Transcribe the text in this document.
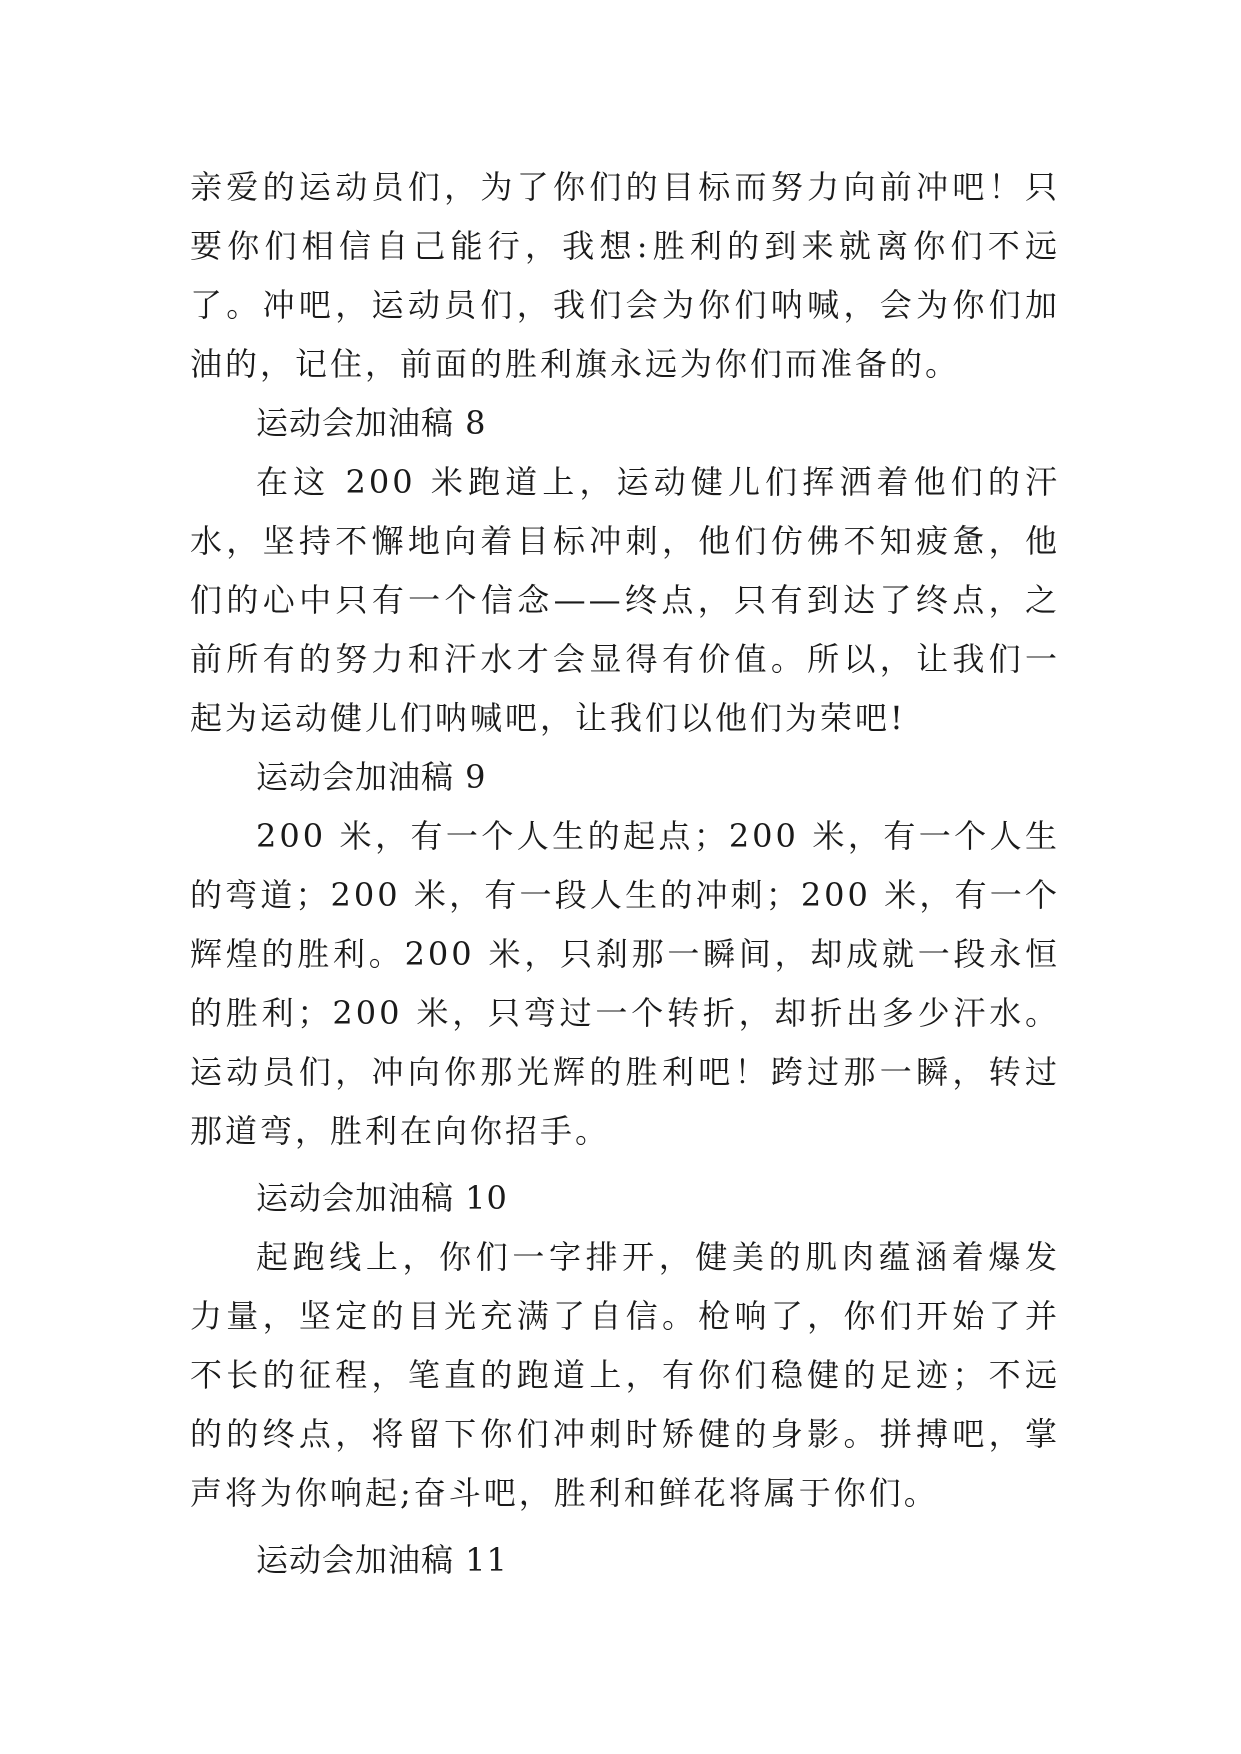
亲爱的运动员们，为了你们的目标而努力向前冲吧！只要你们相信自己能行，我想:胜利的到来就离你们不远了。冲吧，运动员们，我们会为你们呐喊，会为你们加油的，记住，前面的胜利旗永远为你们而准备的。

运动会加油稿 8

在这 200 米跑道上，运动健儿们挥洒着他们的汗水，坚持不懈地向着目标冲刺，他们仿佛不知疲惫，他们的心中只有一个信念——终点，只有到达了终点，之前所有的努力和汗水才会显得有价值。所以，让我们一起为运动健儿们呐喊吧，让我们以他们为荣吧!

运动会加油稿 9

200 米，有一个人生的起点；200 米，有一个人生的弯道；200 米，有一段人生的冲刺；200 米，有一个辉煌的胜利。200 米，只刹那一瞬间，却成就一段永恒的胜利；200 米，只弯过一个转折，却折出多少汗水。运动员们，冲向你那光辉的胜利吧！跨过那一瞬，转过那道弯，胜利在向你招手。

运动会加油稿 10

起跑线上，你们一字排开，健美的肌肉蕴涵着爆发力量，坚定的目光充满了自信。枪响了，你们开始了并不长的征程，笔直的跑道上，有你们稳健的足迹；不远的的终点，将留下你们冲刺时矫健的身影。拼搏吧，掌声将为你响起;奋斗吧，胜利和鲜花将属于你们。

运动会加油稿 11
